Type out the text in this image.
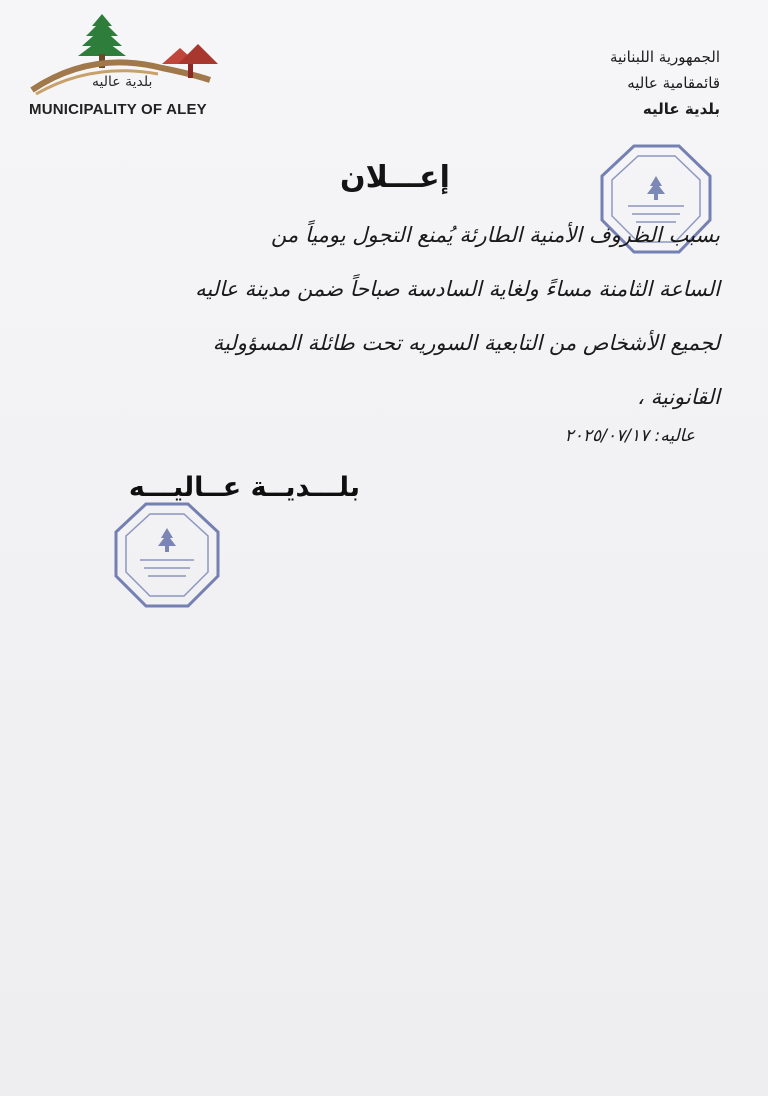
بلدية عاليه
MUNICIPALITY OF ALEY
الجمهورية اللبنانية
قائمقامية عاليه
بلدية عاليه
إعـــلان
بسبب الظروف الأمنية الطارئة يُمنع التجول يومياً من
الساعة الثامنة مساءً ولغاية السادسة صباحاً ضمن مدينة عاليه
لجميع الأشخاص من التابعية السوريه تحت طائلة المسؤولية
القانونية ،
عاليه: ٢٠٢٥/٠٧/١٧
بلـــديــة عــاليـــه
